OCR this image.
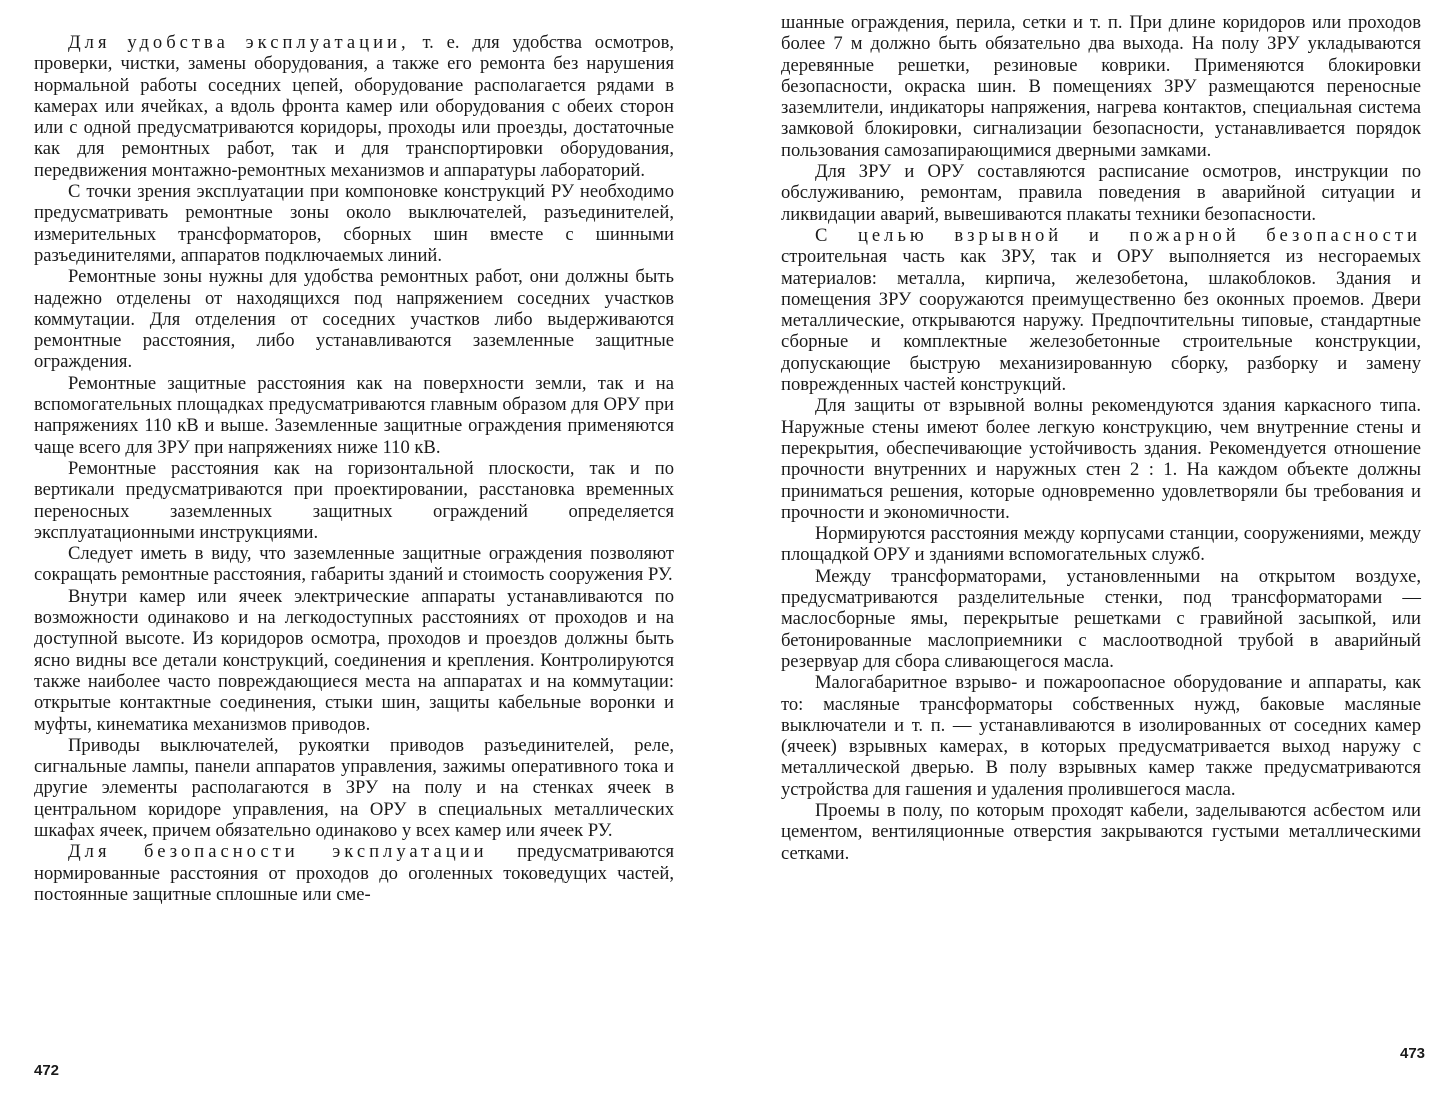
Для удобства эксплуатации, т. е. для удобства осмотров, проверки, чистки, замены оборудования, а также его ремонта без нарушения нормальной работы соседних цепей, оборудование располагается рядами в камерах или ячейках, а вдоль фронта камер или оборудования с обеих сторон или с одной предусматриваются коридоры, проходы или проезды, достаточные как для ремонтных работ, так и для транспортировки оборудования, передвижения монтажно-ремонтных механизмов и аппаратуры лабораторий.

С точки зрения эксплуатации при компоновке конструкций РУ необходимо предусматривать ремонтные зоны около выключателей, разъединителей, измерительных трансформаторов, сборных шин вместе с шинными разъединителями, аппаратов подключаемых линий.

Ремонтные зоны нужны для удобства ремонтных работ, они должны быть надежно отделены от находящихся под напряжением соседних участков коммутации. Для отделения от соседних участков либо выдерживаются ремонтные расстояния, либо устанавливаются заземленные защитные ограждения.

Ремонтные защитные расстояния как на поверхности земли, так и на вспомогательных площадках предусматриваются главным образом для ОРУ при напряжениях 110 кВ и выше. Заземленные защитные ограждения применяются чаще всего для ЗРУ при напряжениях ниже 110 кВ.

Ремонтные расстояния как на горизонтальной плоскости, так и по вертикали предусматриваются при проектировании, расстановка временных переносных заземленных защитных ограждений определяется эксплуатационными инструкциями.

Следует иметь в виду, что заземленные защитные ограждения позволяют сокращать ремонтные расстояния, габариты зданий и стоимость сооружения РУ.

Внутри камер или ячеек электрические аппараты устанавливаются по возможности одинаково и на легкодоступных расстояниях от проходов и на доступной высоте. Из коридоров осмотра, проходов и проездов должны быть ясно видны все детали конструкций, соединения и крепления. Контролируются также наиболее часто повреждающиеся места на аппаратах и на коммутации: открытые контактные соединения, стыки шин, защиты кабельные воронки и муфты, кинематика механизмов приводов.

Приводы выключателей, рукоятки приводов разъединителей, реле, сигнальные лампы, панели аппаратов управления, зажимы оперативного тока и другие элементы располагаются в ЗРУ на полу и на стенках ячеек в центральном коридоре управления, на ОРУ в специальных металлических шкафах ячеек, причем обязательно одинаково у всех камер или ячеек РУ.

Для безопасности эксплуатации предусматриваются нормированные расстояния от проходов до оголенных токоведущих частей, постоянные защитные сплошные или сме-

472

шанные ограждения, перила, сетки и т. п. При длине коридоров или проходов более 7 м должно быть обязательно два выхода. На полу ЗРУ укладываются деревянные решетки, резиновые коврики. Применяются блокировки безопасности, окраска шин. В помещениях ЗРУ размещаются переносные заземлители, индикаторы напряжения, нагрева контактов, специальная система замковой блокировки, сигнализации безопасности, устанавливается порядок пользования самозапирающимися дверными замками.

Для ЗРУ и ОРУ составляются расписание осмотров, инструкции по обслуживанию, ремонтам, правила поведения в аварийной ситуации и ликвидации аварий, вывешиваются плакаты техники безопасности.

С целью взрывной и пожарной безопасности строительная часть как ЗРУ, так и ОРУ выполняется из несгораемых материалов: металла, кирпича, железобетона, шлакоблоков. Здания и помещения ЗРУ сооружаются преимущественно без оконных проемов. Двери металлические, открываются наружу. Предпочтительны типовые, стандартные сборные и комплектные железобетонные строительные конструкции, допускающие быструю механизированную сборку, разборку и замену поврежденных частей конструкций.

Для защиты от взрывной волны рекомендуются здания каркасного типа. Наружные стены имеют более легкую конструкцию, чем внутренние стены и перекрытия, обеспечивающие устойчивость здания. Рекомендуется отношение прочности внутренних и наружных стен 2 : 1. На каждом объекте должны приниматься решения, которые одновременно удовлетворяли бы требования и прочности и экономичности.

Нормируются расстояния между корпусами станции, сооружениями, между площадкой ОРУ и зданиями вспомогательных служб.

Между трансформаторами, установленными на открытом воздухе, предусматриваются разделительные стенки, под трансформаторами — маслосборные ямы, перекрытые решетками с гравийной засыпкой, или бетонированные маслоприемники с маслоотводной трубой в аварийный резервуар для сбора сливающегося масла.

Малогабаритное взрыво- и пожароопасное оборудование и аппараты, как то: масляные трансформаторы собственных нужд, баковые масляные выключатели и т. п. — устанавливаются в изолированных от соседних камер (ячеек) взрывных камерах, в которых предусматривается выход наружу с металлической дверью. В полу взрывных камер также предусматриваются устройства для гашения и удаления пролившегося масла.

Проемы в полу, по которым проходят кабели, заделываются асбестом или цементом, вентиляционные отверстия закрываются густыми металлическими сетками.

473
